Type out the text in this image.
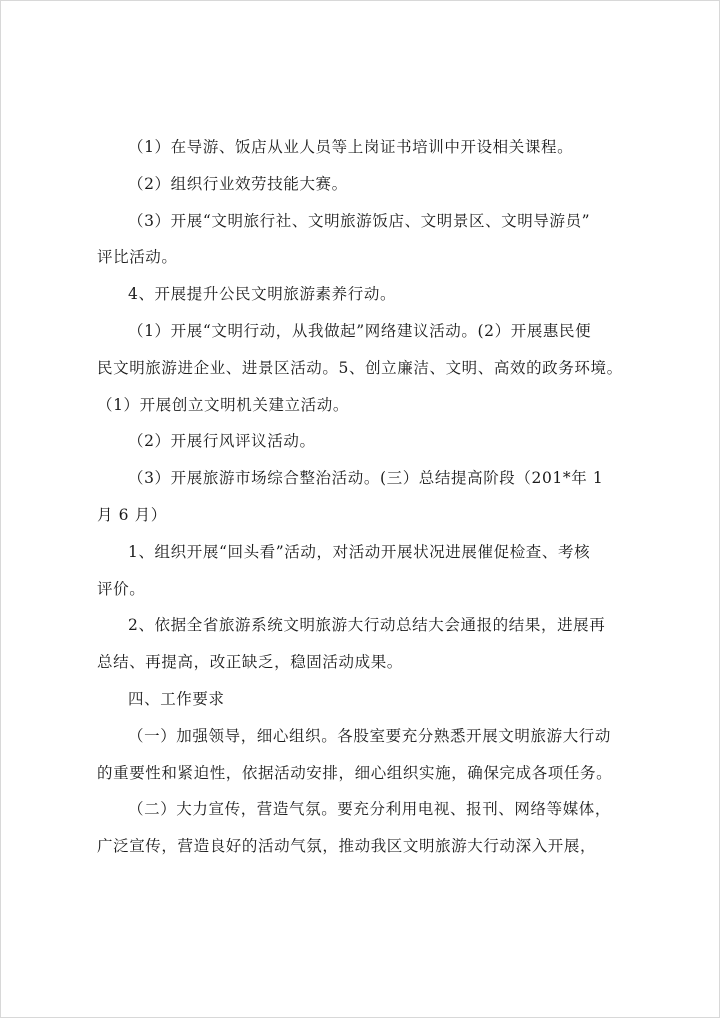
（1）在导游、饭店从业人员等上岗证书培训中开设相关课程。

（2）组织行业效劳技能大赛。

（3）开展“文明旅行社、文明旅游饭店、文明景区、文明导游员”
评比活动。

4、开展提升公民文明旅游素养行动。

（1）开展“文明行动，从我做起”网络建议活动。(2）开展惠民便
民文明旅游进企业、进景区活动。5、创立廉洁、文明、高效的政务环境。
（1）开展创立文明机关建立活动。

（2）开展行风评议活动。

（3）开展旅游市场综合整治活动。(三）总结提高阶段（201*年 1
月 6 月）

1、组织开展“回头看”活动，对活动开展状况进展催促检查、考核
评价。

2、依据全省旅游系统文明旅游大行动总结大会通报的结果，进展再
总结、再提高，改正缺乏，稳固活动成果。

四、工作要求

（一）加强领导，细心组织。各股室要充分熟悉开展文明旅游大行动
的重要性和紧迫性，依据活动安排，细心组织实施，确保完成各项任务。

（二）大力宣传，营造气氛。要充分利用电视、报刊、网络等媒体，
广泛宣传，营造良好的活动气氛，推动我区文明旅游大行动深入开展，
